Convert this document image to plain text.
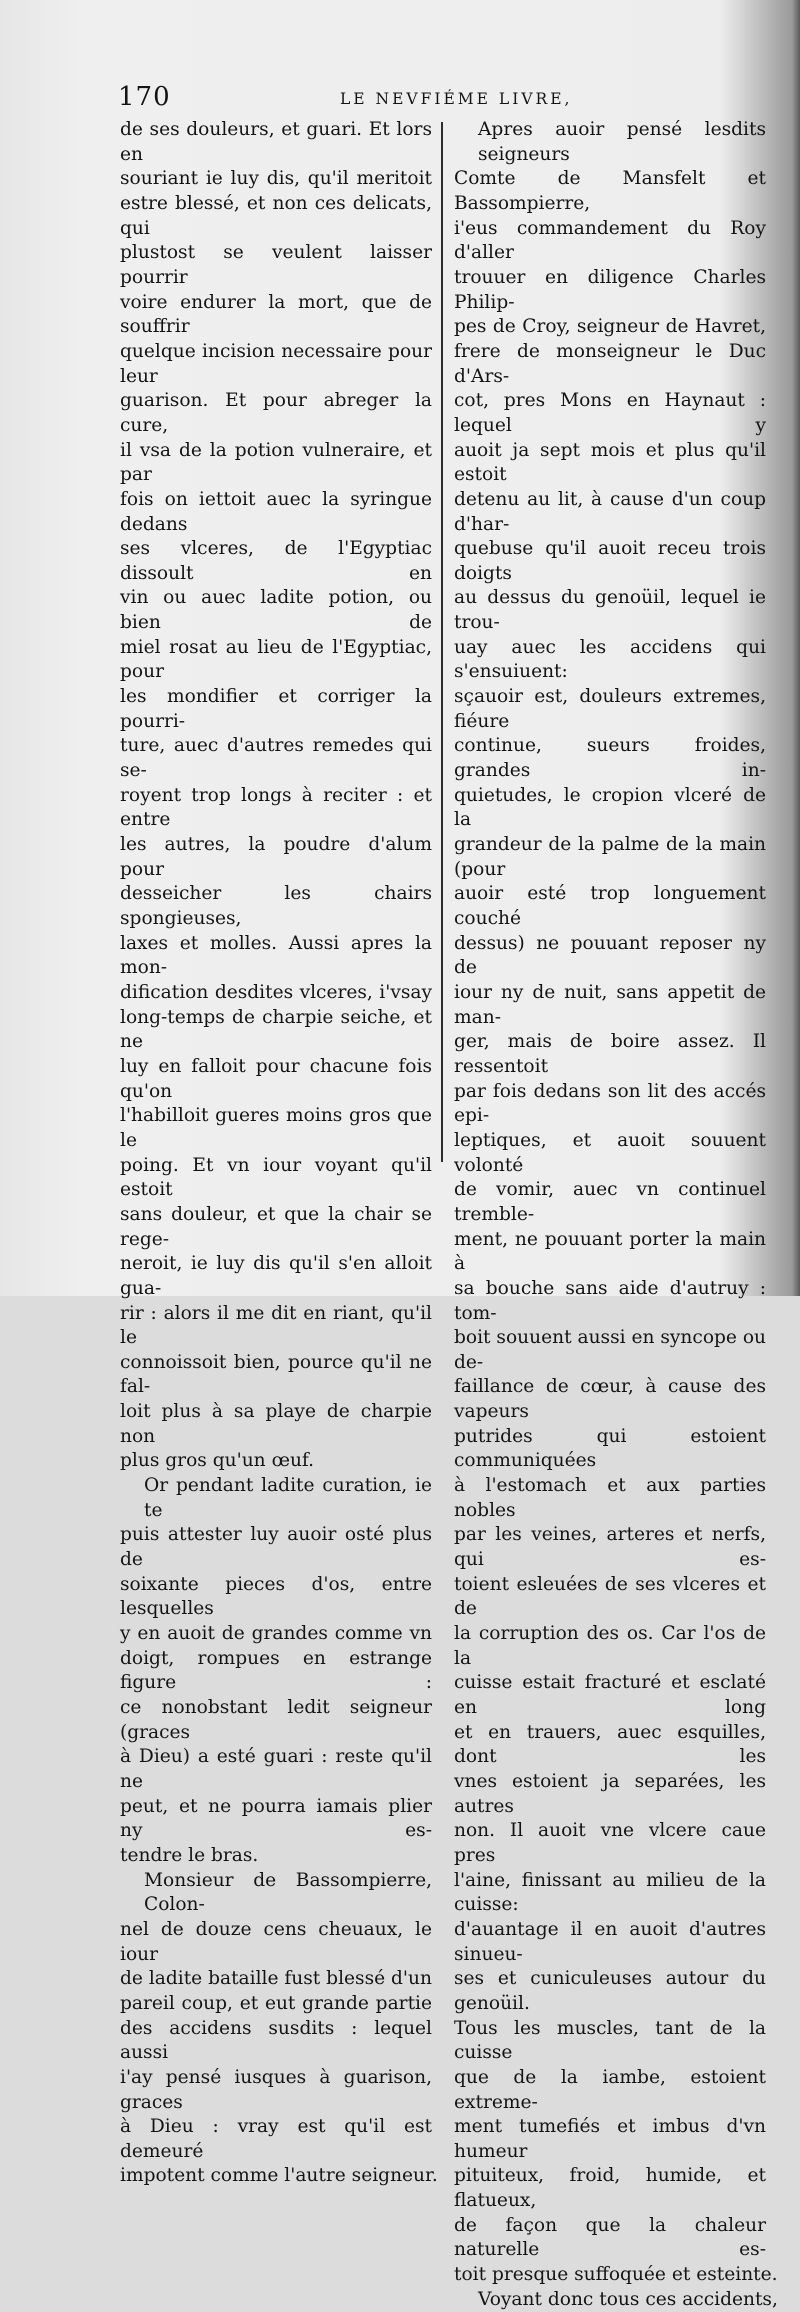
170	LE NEVFIÉME LIVRE,
de ses douleurs, et guari. Et lors en
souriant ie luy dis, qu'il meritoit
estre blessé, et non ces delicats, qui
plustost se veulent laisser pourrir
voire endurer la mort, que de souffrir
quelque incision necessaire pour leur
guarison. Et pour abreger la cure,
il vsa de la potion vulneraire, et par
fois on iettoit auec la syringue dedans
ses vlceres, de l'Egyptiac dissoult en
vin ou auec ladite potion, ou bien de
miel rosat au lieu de l'Egyptiac, pour
les mondifier et corriger la pourri-
ture, auec d'autres remedes qui se-
royent trop longs à reciter : et entre
les autres, la poudre d'alum pour
desseicher les chairs spongieuses,
laxes et molles. Aussi apres la mon-
dification desdites vlceres, i'vsay
long-temps de charpie seiche, et ne
luy en falloit pour chacune fois qu'on
l'habilloit gueres moins gros que le
poing. Et vn iour voyant qu'il estoit
sans douleur, et que la chair se rege-
neroit, ie luy dis qu'il s'en alloit gua-
rir : alors il me dit en riant, qu'il le
connoissoit bien, pource qu'il ne fal-
loit plus à sa playe de charpie non
plus gros qu'un œuf.
Or pendant ladite curation, ie te
puis attester luy auoir osté plus de
soixante pieces d'os, entre lesquelles
y en auoit de grandes comme vn
doigt, rompues en estrange figure :
ce nonobstant ledit seigneur (graces
à Dieu) a esté guari : reste qu'il ne
peut, et ne pourra iamais plier ny es-
tendre le bras.
Monsieur de Bassompierre, Colon-
nel de douze cens cheuaux, le iour
de ladite bataille fust blessé d'un
pareil coup, et eut grande partie
des accidens susdits : lequel aussi
i'ay pensé iusques à guarison, graces
à Dieu : vray est qu'il est demeuré
impotent comme l'autre seigneur.
Apres auoir pensé lesdits seigneurs
Comte de Mansfelt et Bassompierre,
i'eus commandement du Roy d'aller
trouuer en diligence Charles Philip-
pes de Croy, seigneur de Havret,
frere de monseigneur le Duc d'Ars-
cot, pres Mons en Haynaut : lequel y
auoit ja sept mois et plus qu'il estoit
detenu au lit, à cause d'un coup d'har-
quebuse qu'il auoit receu trois doigts
au dessus du genoüil, lequel ie trou-
uay auec les accidens qui s'ensuiuent:
sçauoir est, douleurs extremes, fiéure
continue, sueurs froides, grandes in-
quietudes, le cropion vlceré de la
grandeur de la palme de la main (pour
auoir esté trop longuement couché
dessus) ne pouuant reposer ny de
iour ny de nuit, sans appetit de man-
ger, mais de boire assez. Il ressentoit
par fois dedans son lit des accés epi-
leptiques, et auoit souuent volonté
de vomir, auec vn continuel tremble-
ment, ne pouuant porter la main à
sa bouche sans aide d'autruy : tom-
boit souuent aussi en syncope ou de-
faillance de cœur, à cause des vapeurs
putrides qui estoient communiquées
à l'estomach et aux parties nobles
par les veines, arteres et nerfs, qui es-
toient esleuées de ses vlceres et de
la corruption des os. Car l'os de la
cuisse estait fracturé et esclaté en long
et en trauers, auec esquilles, dont les
vnes estoient ja separées, les autres
non. Il auoit vne vlcere caue pres
l'aine, finissant au milieu de la cuisse:
d'auantage il en auoit d'autres sinueu-
ses et cuniculeuses autour du genoüil.
Tous les muscles, tant de la cuisse
que de la iambe, estoient extreme-
ment tumefiés et imbus d'vn humeur
pituiteux, froid, humide, et flatueux,
de façon que la chaleur naturelle es-
toit presque suffoquée et esteinte.
Voyant donc tous ces accidents,
